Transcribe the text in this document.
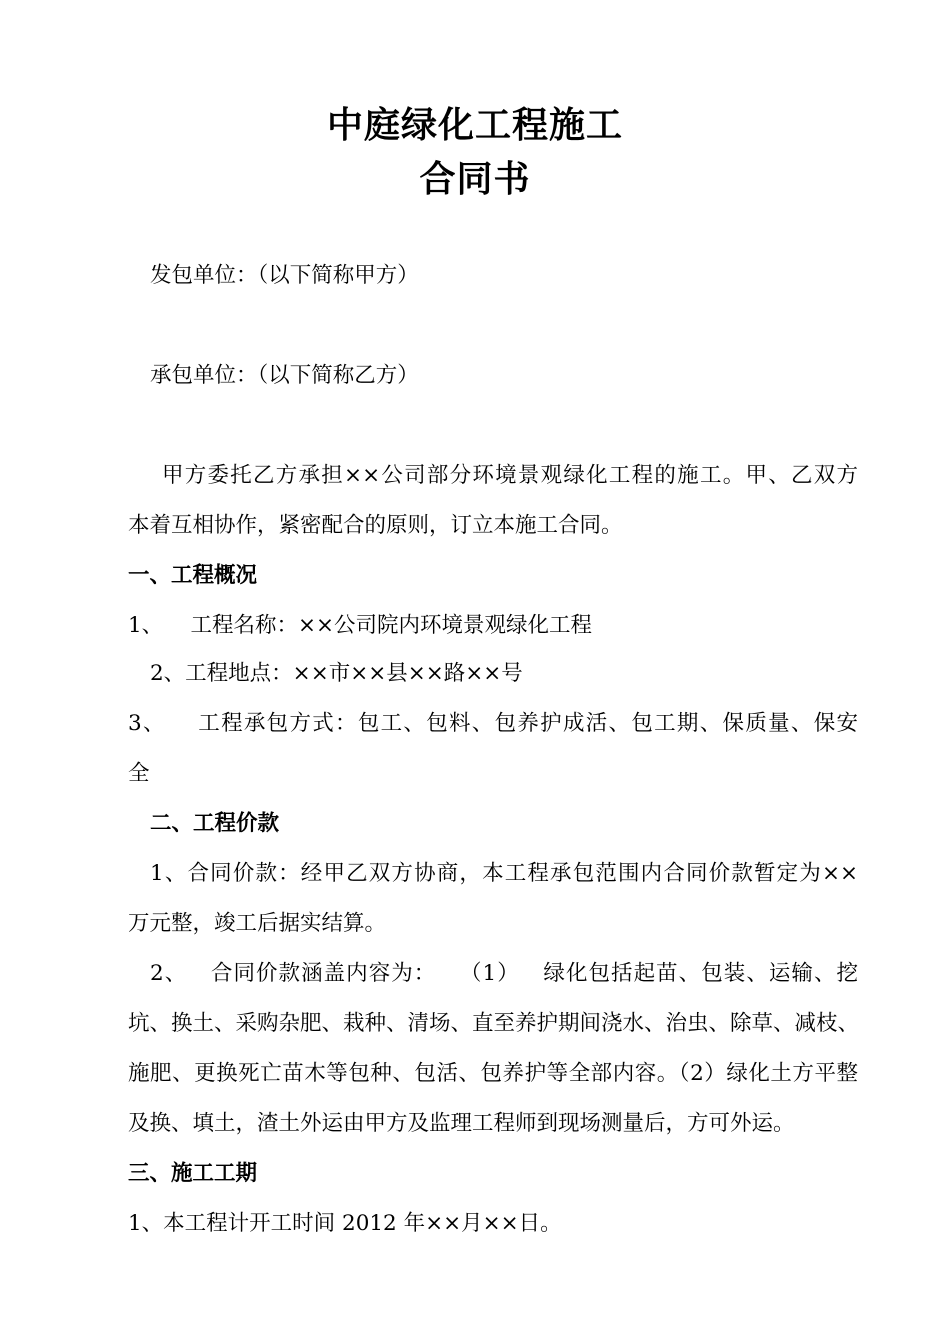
中庭绿化工程施工
合同书
发包单位：（以下简称甲方）
承包单位：（以下简称乙方）
甲方委托乙方承担××公司部分环境景观绿化工程的施工。甲、乙双方
本着互相协作，紧密配合的原则，订立本施工合同。
一、工程概况
1、    工程名称：××公司院内环境景观绿化工程
2、工程地点：××市××县××路××号
3、    工程承包方式：包工、包料、包养护成活、包工期、保质量、保安
全
二、工程价款
1、合同价款：经甲乙双方协商，本工程承包范围内合同价款暂定为××
万元整，竣工后据实结算。
2、   合同价款涵盖内容为：   （1）   绿化包括起苗、包装、运输、挖
坑、换土、采购杂肥、栽种、清场、直至养护期间浇水、治虫、除草、减枝、
施肥、更换死亡苗木等包种、包活、包养护等全部内容。（2）绿化土方平整
及换、填土，渣土外运由甲方及监理工程师到现场测量后，方可外运。
三、施工工期
1、本工程计开工时间 2012 年××月××日。
